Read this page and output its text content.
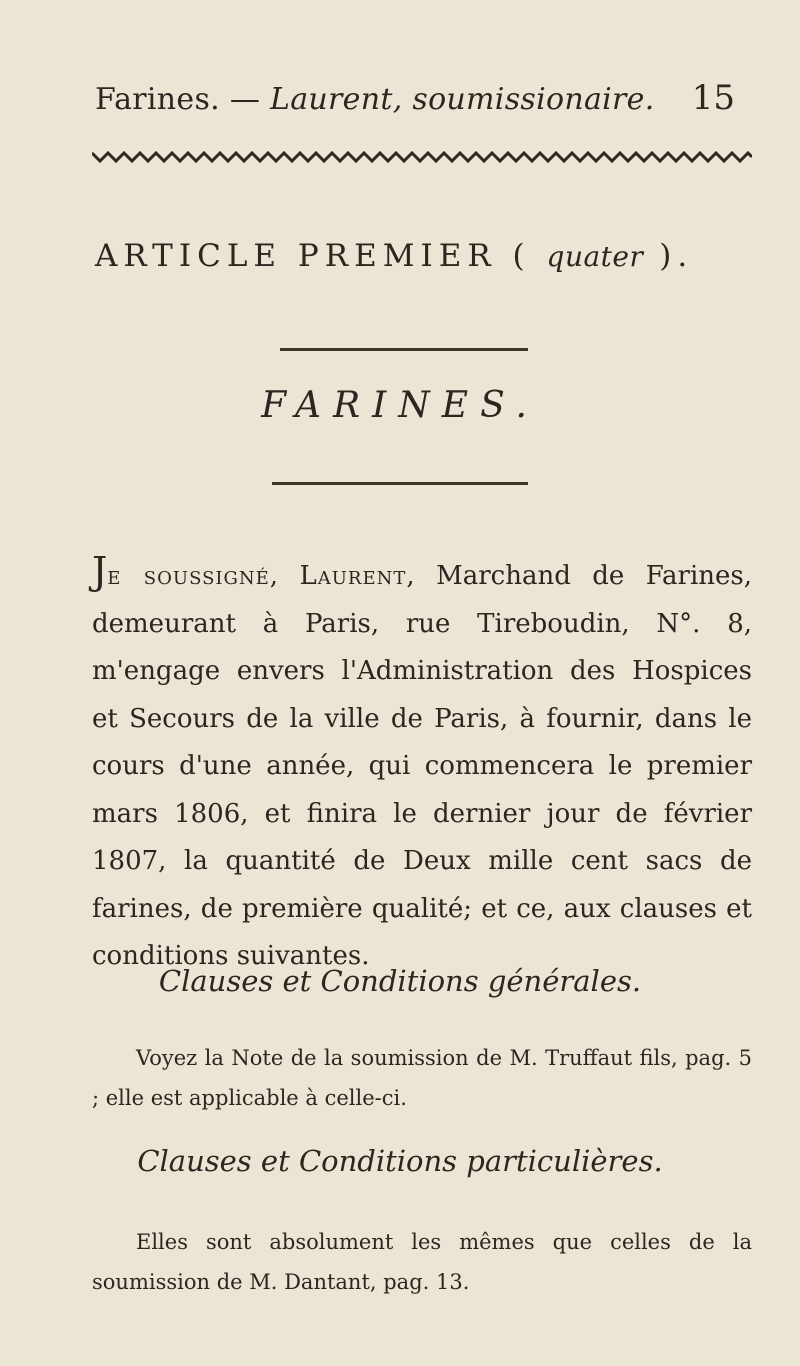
Farines. — Laurent, soumissionaire. 15
ARTICLE PREMIER ( quater ).
FARINES.
Je soussigné, Laurent, Marchand de Farines, demeurant à Paris, rue Tireboudin, N°. 8, m'engage envers l'Administration des Hospices et Secours de la ville de Paris, à fournir, dans le cours d'une année, qui commencera le premier mars 1806, et finira le dernier jour de février 1807, la quantité de Deux mille cent sacs de farines, de première qualité; et ce, aux clauses et conditions suivantes.
Clauses et Conditions générales.
Voyez la Note de la soumission de M. Truffaut fils, pag. 5 ; elle est applicable à celle-ci.
Clauses et Conditions particulières.
Elles sont absolument les mêmes que celles de la soumission de M. Dantant, pag. 13.
